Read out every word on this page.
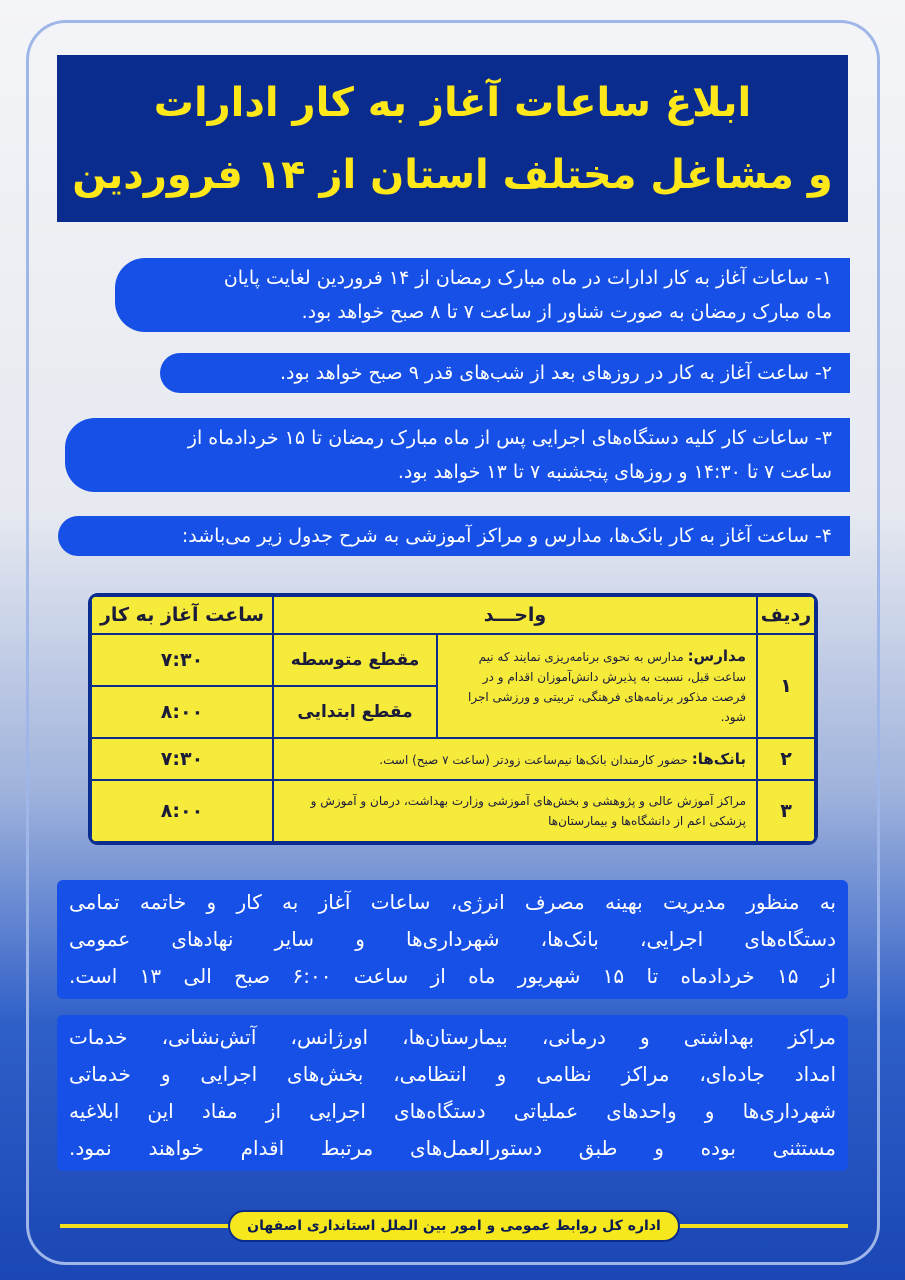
ابلاغ ساعات آغاز به کار ادارات
و مشاغل مختلف استان از ۱۴ فروردین
۱- ساعات آغاز به کار ادارات در ماه مبارک رمضان از ۱۴ فروردین لغایت پایان
ماه مبارک رمضان به صورت شناور از ساعت ۷ تا ۸ صبح خواهد بود.
۲- ساعت آغاز به کار در روزهای بعد از شب‌های قدر ۹ صبح خواهد بود.
۳- ساعات کار کلیه دستگاه‌های اجرایی پس از ماه مبارک رمضان تا ۱۵ خردادماه از
ساعت ۷ تا ۱۴:۳۰ و روزهای پنجشنبه ۷ تا ۱۳ خواهد بود.
۴- ساعت آغاز به کار بانک‌ها، مدارس و مراکز آموزشی به شرح جدول زیر می‌باشد:
ردیف	واحـــد		ساعت آغاز به کار
۱	مدارس: مدارس به نحوی برنامه‌ریزی نمایند که نیم ساعت قبل، نسبت به پذیرش دانش‌آموزان اقدام و در فرصت مذکور برنامه‌های فرهنگی، تربیتی و ورزشی اجرا شود.	مقطع متوسطه	۷:۳۰
		مقطع ابتدایی	۸:۰۰
۲	بانک‌ها: حضور کارمندان بانک‌ها نیم‌ساعت زودتر (ساعت ۷ صبح) است.		۷:۳۰
۳	مراکز آموزش عالی و پژوهشی و بخش‌های آموزشی وزارت بهداشت، درمان و آموزش و پزشکی اعم از دانشگاه‌ها و بیمارستان‌ها		۸:۰۰
به منظور مدیریت بهینه مصرف انرژی، ساعات آغاز به کار و خاتمه تمامی
دستگاه‌های اجرایی، بانک‌ها، شهرداری‌ها و سایر نهادهای عمومی
از ۱۵ خردادماه تا ۱۵ شهریور ماه از ساعت ۶:۰۰ صبح الی ۱۳ است.
مراکز بهداشتی و درمانی، بیمارستان‌ها، اورژانس، آتش‌نشانی، خدمات
امداد جاده‌ای، مراکز نظامی و انتظامی، بخش‌های اجرایی و خدماتی
شهرداری‌ها و واحدهای عملیاتی دستگاه‌های اجرایی از مفاد این ابلاغیه
مستثنی بوده و طبق دستورالعمل‌های مرتبط اقدام خواهند نمود.
اداره کل روابط عمومی و امور بین الملل استانداری اصفهان
